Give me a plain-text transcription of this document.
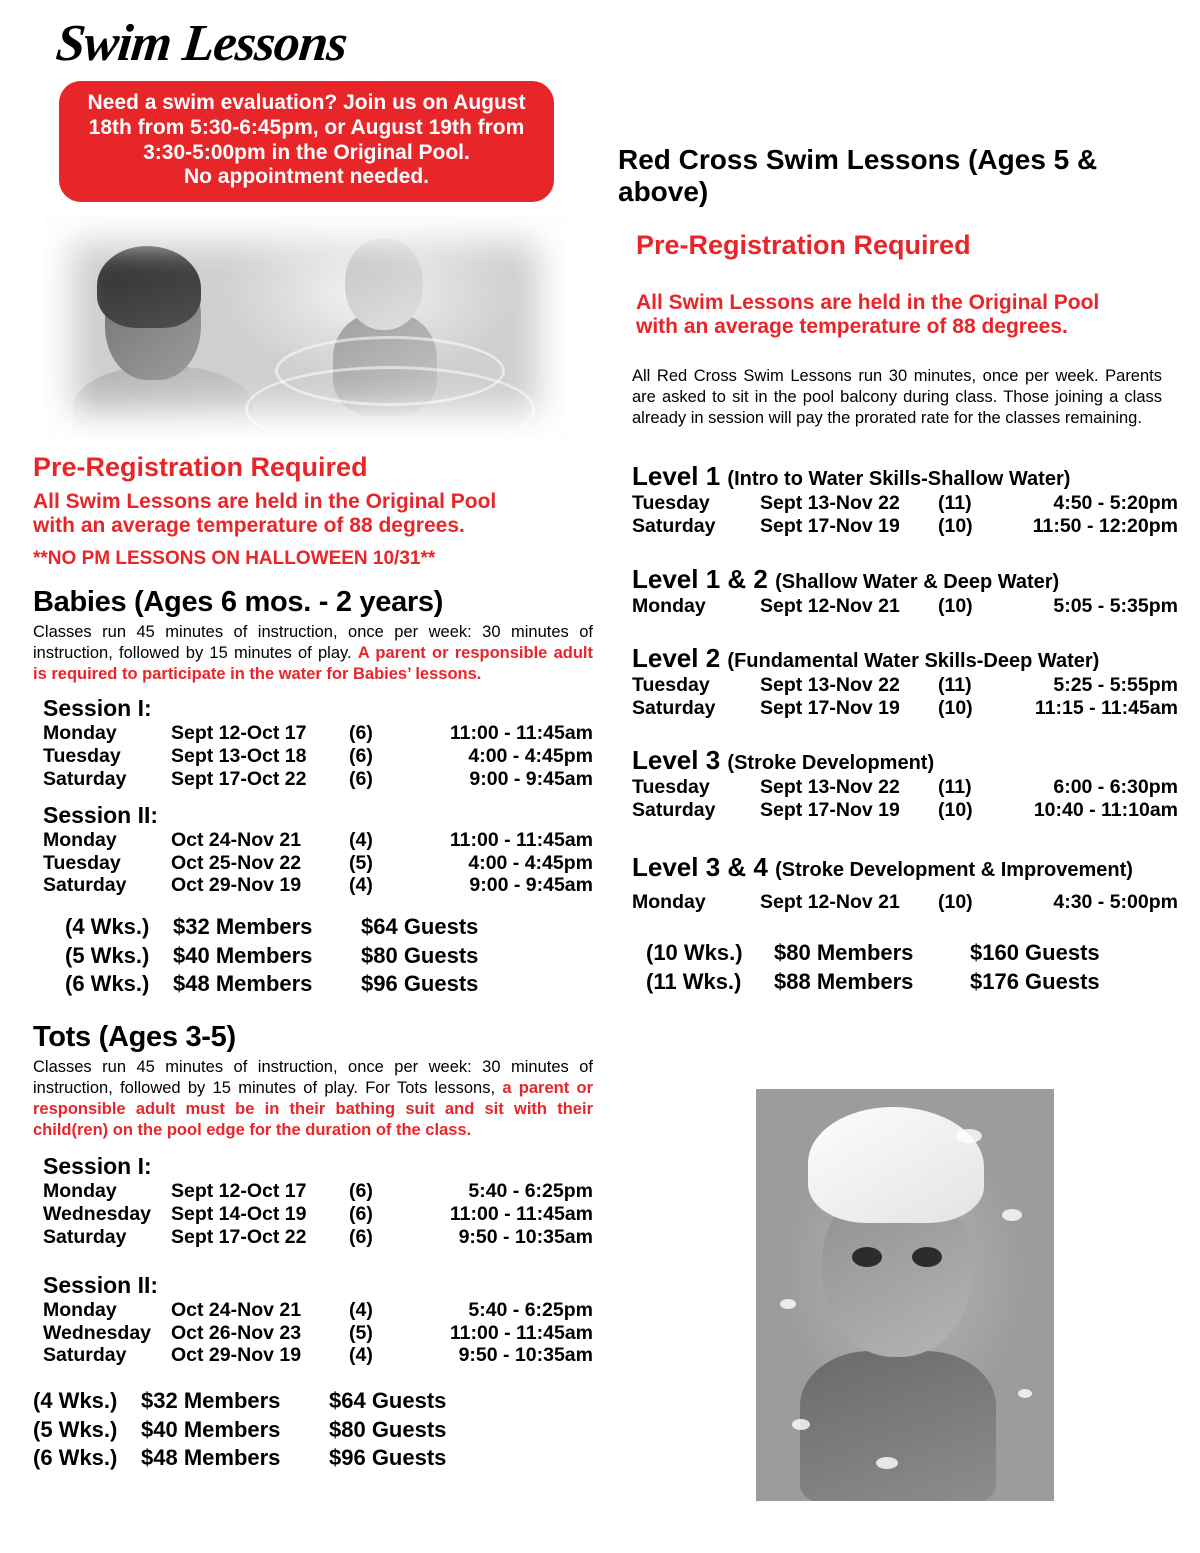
Swim Lessons
Need a swim evaluation? Join us on August
18th from 5:30-6:45pm, or August 19th from
3:30-5:00pm in the Original Pool.
No appointment needed.
Pre-Registration Required
All Swim Lessons are held in the Original Pool
with an average temperature of 88 degrees.
**NO PM LESSONS ON HALLOWEEN 10/31**
Babies (Ages 6 mos. - 2 years)
Classes run 45 minutes of instruction, once per week: 30 minutes of instruction, followed by 15 minutes of play. A parent or responsible adult is required to participate in the water for Babies’ lessons.
Session I:
Monday	Sept 12-Oct 17	(6)	11:00 - 11:45am
Tuesday	Sept 13-Oct 18	(6)	4:00 - 4:45pm
Saturday	Sept 17-Oct 22	(6)	9:00 - 9:45am
Session II:
Monday	Oct 24-Nov 21	(4)	11:00 - 11:45am
Tuesday	Oct 25-Nov 22	(5)	4:00 - 4:45pm
Saturday	Oct 29-Nov 19	(4)	9:00 - 9:45am
(4 Wks.)	$32 Members	$64 Guests
(5 Wks.)	$40 Members	$80 Guests
(6 Wks.)	$48 Members	$96 Guests
Tots (Ages 3-5)
Classes run 45 minutes of instruction, once per week: 30 minutes of instruction, followed by 15 minutes of play. For Tots lessons, a parent or responsible adult must be in their bathing suit and sit with their child(ren) on the pool edge for the duration of the class.
Session I:
Monday	Sept 12-Oct 17	(6)	5:40 - 6:25pm
Wednesday	Sept 14-Oct 19	(6)	11:00 - 11:45am
Saturday	Sept 17-Oct 22	(6)	9:50 - 10:35am
Session II:
Monday	Oct 24-Nov 21	(4)	5:40 - 6:25pm
Wednesday	Oct 26-Nov 23	(5)	11:00 - 11:45am
Saturday	Oct 29-Nov 19	(4)	9:50 - 10:35am
(4 Wks.)	$32 Members	$64 Guests
(5 Wks.)	$40 Members	$80 Guests
(6 Wks.)	$48 Members	$96 Guests
Red Cross Swim Lessons (Ages 5 & above)
Pre-Registration Required
All Swim Lessons are held in the Original Pool
with an average temperature of 88 degrees.
All Red Cross Swim Lessons run 30 minutes, once per week. Parents are asked to sit in the pool balcony during class. Those joining a class already in session will pay the prorated rate for the classes remaining.
Level 1 (Intro to Water Skills-Shallow Water)
Tuesday	Sept 13-Nov 22	(11)	4:50 - 5:20pm
Saturday	Sept 17-Nov 19	(10)	11:50 - 12:20pm
Level 1 & 2 (Shallow Water & Deep Water)
Monday	Sept 12-Nov 21	(10)	5:05 - 5:35pm
Level 2 (Fundamental Water Skills-Deep Water)
Tuesday	Sept 13-Nov 22	(11)	5:25 - 5:55pm
Saturday	Sept 17-Nov 19	(10)	11:15 - 11:45am
Level 3 (Stroke Development)
Tuesday	Sept 13-Nov 22	(11)	6:00 - 6:30pm
Saturday	Sept 17-Nov 19	(10)	10:40 - 11:10am
Level 3 & 4 (Stroke Development & Improvement)
Monday	Sept 12-Nov 21	(10)	4:30 - 5:00pm
(10 Wks.)	$80 Members	$160 Guests
(11 Wks.)	$88 Members	$176 Guests
